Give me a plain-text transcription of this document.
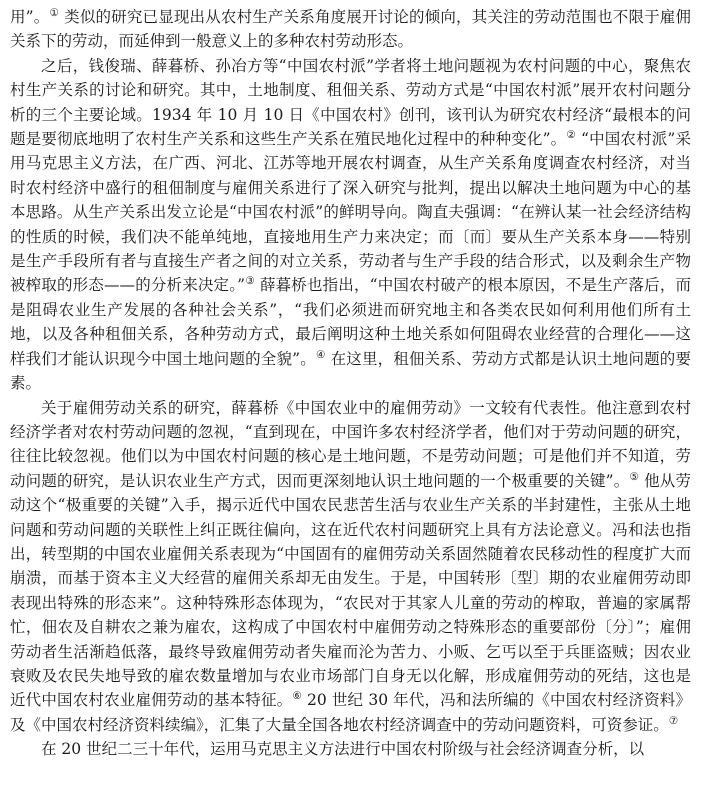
用”。① 类似的研究已显现出从农村生产关系角度展开讨论的倾向，其关注的劳动范围也不限于雇佣关系下的劳动，而延伸到一般意义上的多种农村劳动形态。

之后，钱俊瑞、薛暮桥、孙冶方等“中国农村派”学者将土地问题视为农村问题的中心，聚焦农村生产关系的讨论和研究。其中，土地制度、租佃关系、劳动方式是“中国农村派”展开农村问题分析的三个主要论域。1934 年 10 月 10 日《中国农村》创刊，该刊认为研究农村经济“最根本的问题是要彻底地明了农村生产关系和这些生产关系在殖民地化过程中的种种变化”。② “中国农村派”采用马克思主义方法，在广西、河北、江苏等地开展农村调查，从生产关系角度调查农村经济，对当时农村经济中盛行的租佃制度与雇佣关系进行了深入研究与批判，提出以解决土地问题为中心的基本思路。从生产关系出发立论是“中国农村派”的鲜明导向。陶直夫强调：“在辨认某一社会经济结构的性质的时候，我们决不能单纯地，直接地用生产力来决定；而〔而〕要从生产关系本身——特别是生产手段所有者与直接生产者之间的对立关系，劳动者与生产手段的结合形式，以及剩余生产物被榨取的形态——的分析来决定。”③ 薛暮桥也指出，“中国农村破产的根本原因，不是生产落后，而是阻碍农业生产发展的各种社会关系”，“我们必须进而研究地主和各类农民如何利用他们所有土地，以及各种租佃关系，各种劳动方式，最后阐明这种土地关系如何阻碍农业经营的合理化——这样我们才能认识现今中国土地问题的全貌”。④ 在这里，租佃关系、劳动方式都是认识土地问题的要素。

关于雇佣劳动关系的研究，薛暮桥《中国农业中的雇佣劳动》一文较有代表性。他注意到农村经济学者对农村劳动问题的忽视，“直到现在，中国许多农村经济学者，他们对于劳动问题的研究，往往比较忽视。他们以为中国农村问题的核心是土地问题，不是劳动问题；可是他们并不知道，劳动问题的研究，是认识农业生产方式，因而更深刻地认识土地问题的一个极重要的关键”。⑤ 他从劳动这个“极重要的关键”入手，揭示近代中国农民悲苦生活与农业生产关系的半封建性，主张从土地问题和劳动问题的关联性上纠正既往偏向，这在近代农村问题研究上具有方法论意义。冯和法也指出，转型期的中国农业雇佣关系表现为“中国固有的雇佣劳动关系固然随着农民移动性的程度扩大而崩溃，而基于资本主义大经营的雇佣关系却无由发生。于是，中国转形〔型〕期的农业雇佣劳动即表现出特殊的形态来”。这种特殊形态体现为，“农民对于其家人儿童的劳动的榨取，普遍的家属帮忙，佃农及自耕农之兼为雇农，这构成了中国农村中雇佣劳动之特殊形态的重要部份〔分〕”；雇佣劳动者生活渐趋低落，最终导致雇佣劳动者失雇而沦为苦力、小贩、乞丐以至于兵匪盗贼；因农业衰败及农民失地导致的雇农数量增加与农业市场部门自身无以化解，形成雇佣劳动的死结，这也是近代中国农村农业雇佣劳动的基本特征。⑥ 20 世纪 30 年代，冯和法所编的《中国农村经济资料》及《中国农村经济资料续编》，汇集了大量全国各地农村经济调查中的劳动问题资料，可资参证。⑦

在 20 世纪二三十年代，运用马克思主义方法进行中国农村阶级与社会经济调查分析，以
